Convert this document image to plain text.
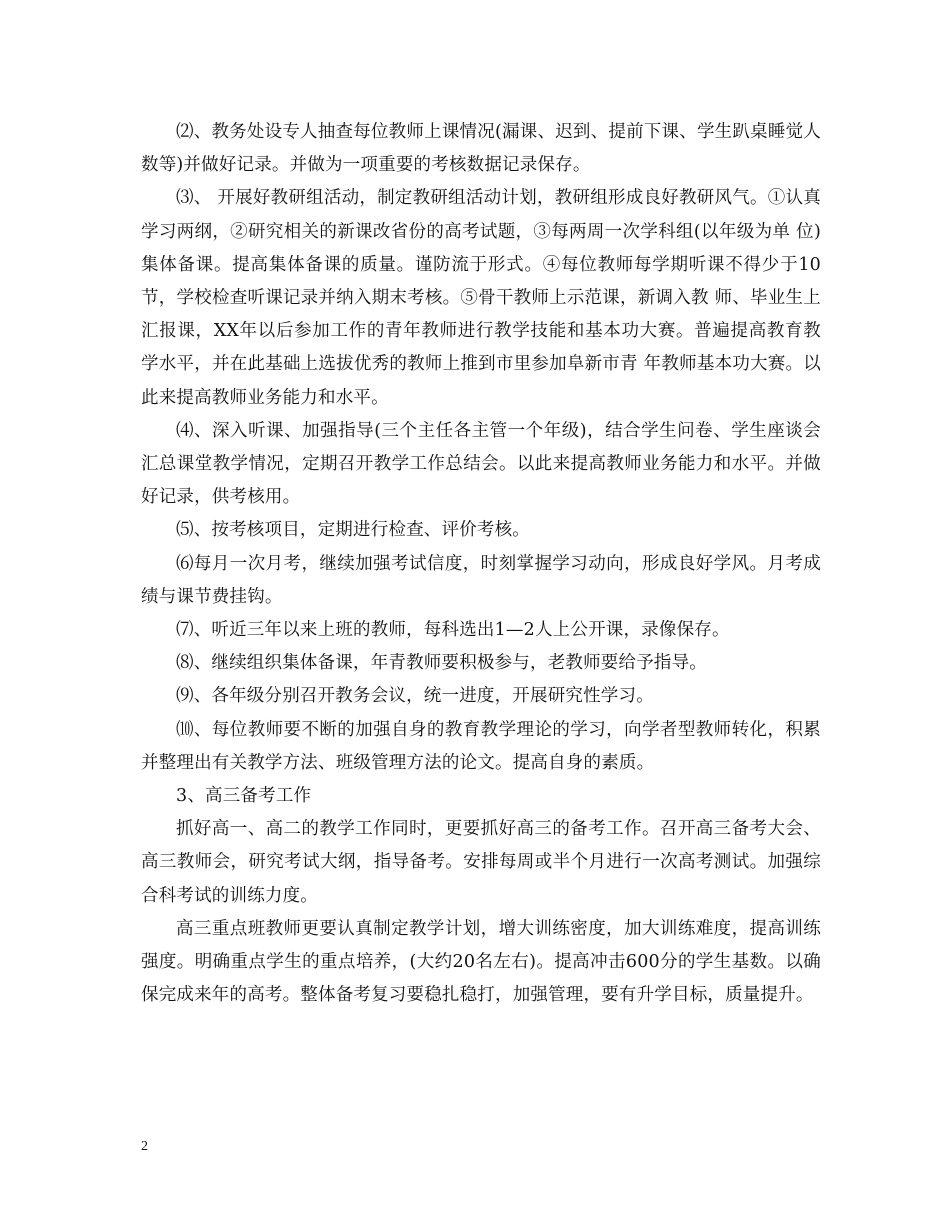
⑵、教务处设专人抽查每位教师上课情况(漏课、迟到、提前下课、学生趴桌睡觉人数等)并做好记录。并做为一项重要的考核数据记录保存。

⑶、 开展好教研组活动，制定教研组活动计划，教研组形成良好教研风气。①认真学习两纲，②研究相关的新课改省份的高考试题，③每两周一次学科组(以年级为单 位)集体备课。提高集体备课的质量。谨防流于形式。④每位教师每学期听课不得少于10节，学校检查听课记录并纳入期末考核。⑤骨干教师上示范课，新调入教 师、毕业生上汇报课，XX年以后参加工作的青年教师进行教学技能和基本功大赛。普遍提高教育教学水平，并在此基础上选拔优秀的教师上推到市里参加阜新市青 年教师基本功大赛。以此来提高教师业务能力和水平。

⑷、深入听课、加强指导(三个主任各主管一个年级)，结合学生问卷、学生座谈会汇总课堂教学情况，定期召开教学工作总结会。以此来提高教师业务能力和水平。并做好记录，供考核用。

⑸、按考核项目，定期进行检查、评价考核。

⑹每月一次月考，继续加强考试信度，时刻掌握学习动向，形成良好学风。月考成绩与课节费挂钩。

⑺、听近三年以来上班的教师，每科选出1—2人上公开课，录像保存。

⑻、继续组织集体备课，年青教师要积极参与，老教师要给予指导。

⑼、各年级分别召开教务会议，统一进度，开展研究性学习。

⑽、每位教师要不断的加强自身的教育教学理论的学习，向学者型教师转化，积累并整理出有关教学方法、班级管理方法的论文。提高自身的素质。

3、高三备考工作

抓好高一、高二的教学工作同时，更要抓好高三的备考工作。召开高三备考大会、高三教师会，研究考试大纲，指导备考。安排每周或半个月进行一次高考测试。加强综合科考试的训练力度。

高三重点班教师更要认真制定教学计划，增大训练密度，加大训练难度，提高训练强度。明确重点学生的重点培养，(大约20名左右)。提高冲击600分的学生基数。以确保完成来年的高考。整体备考复习要稳扎稳打，加强管理，要有升学目标，质量提升。

2
